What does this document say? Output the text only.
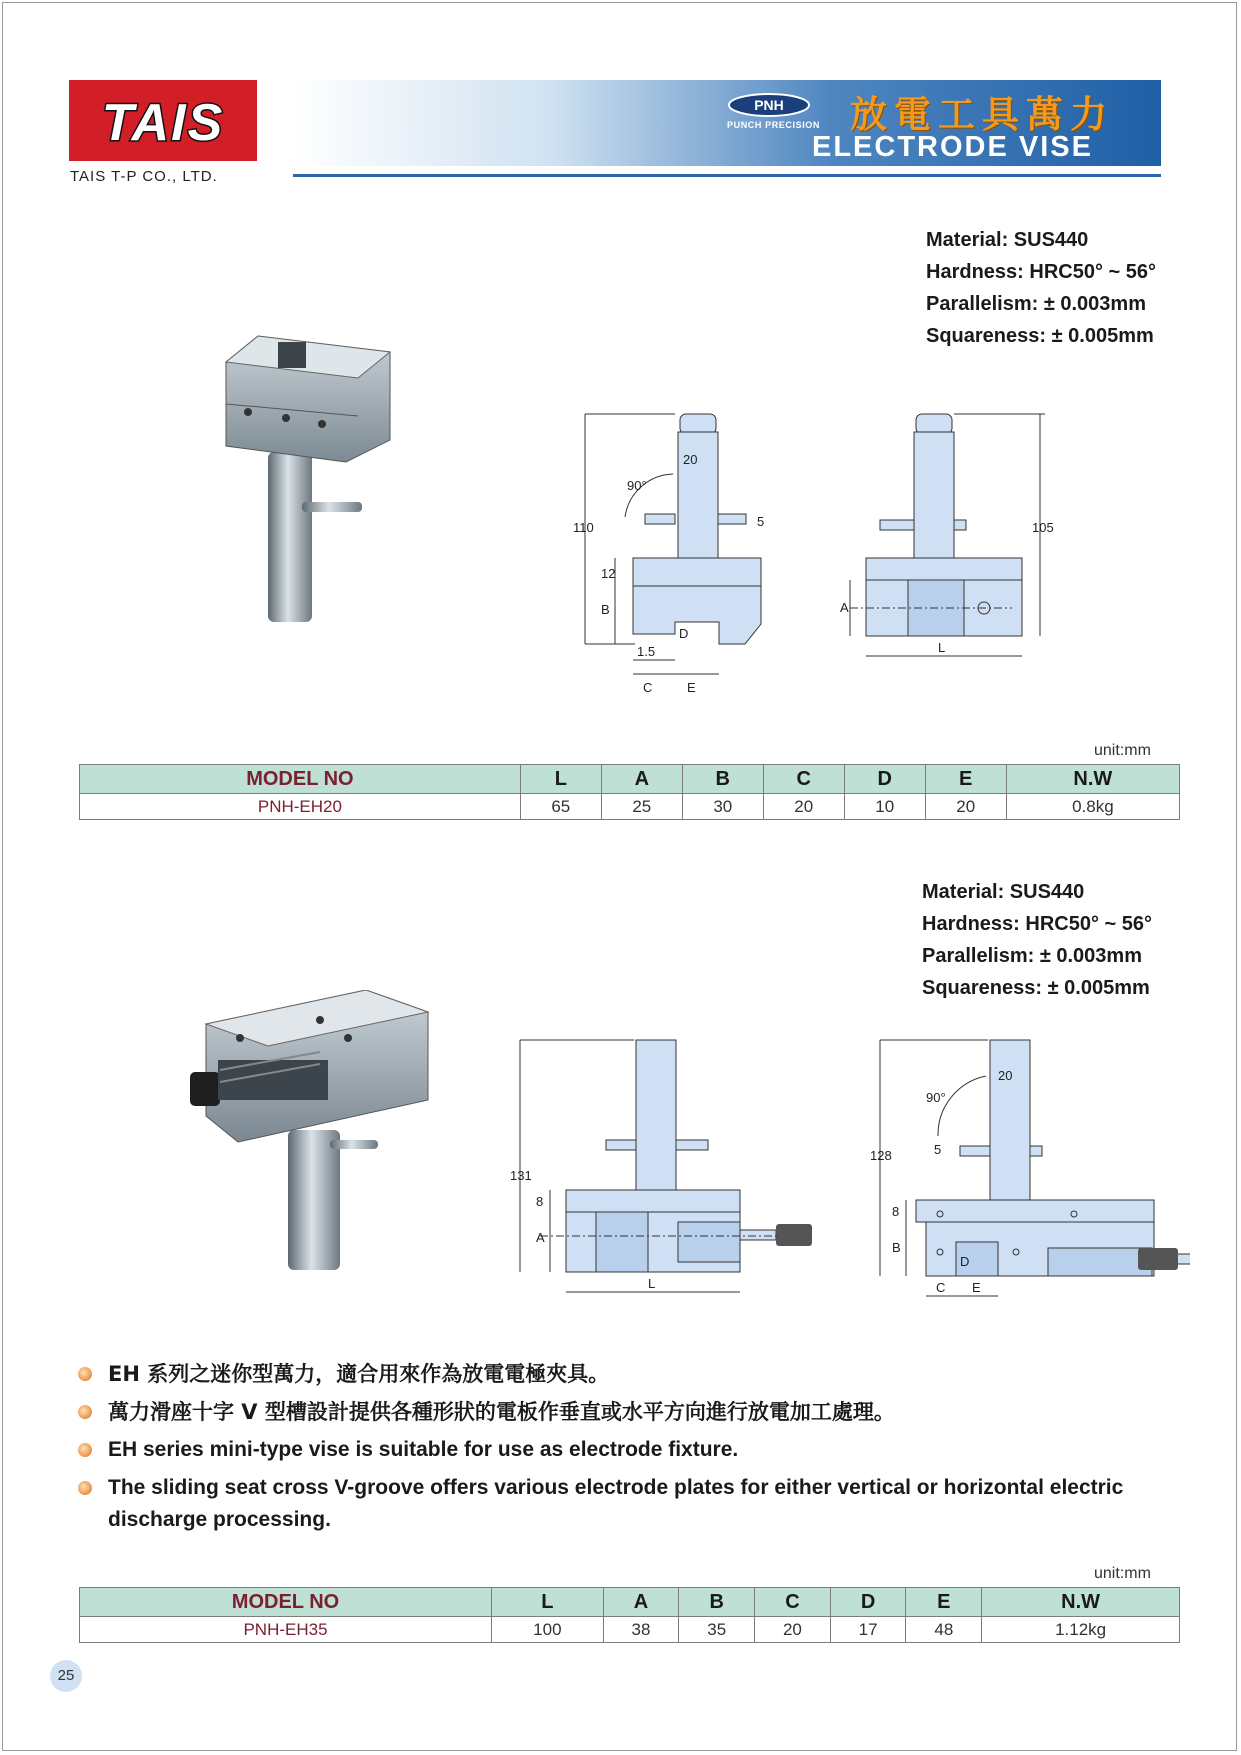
TAIS
TAIS T-P CO., LTD.
PNH
PUNCH PRECISION 放電工具萬力
ELECTRODE VISE
Material: SUS440
Hardness: HRC50° ~ 56°
Parallelism: ± 0.003mm
Squareness: ± 0.005mm
20
90°
5
110
12
B
D
1.5
C	E
105
A
L
unit:mm
MODEL NO	L	A	B	C	D	E	N.W
PNH-EH20	65	25	30	20	10	20	0.8kg
Material: SUS440
Hardness: HRC50° ~ 56°
Parallelism: ± 0.003mm
Squareness: ± 0.005mm
131
8
A
L
128
90°
20
5
8
B
D
C E
EH 系列之迷你型萬力，適合用來作為放電電極夾具。
萬力滑座十字 V 型槽設計提供各種形狀的電板作垂直或水平方向進行放電加工處理。
EH series mini-type vise is suitable for use as electrode fixture.
The sliding seat cross V-groove offers various electrode plates for either vertical or horizontal electric discharge processing.
unit:mm
MODEL NO	L	A	B	C	D	E	N.W
PNH-EH35	100	38	35	20	17	48	1.12kg
25
